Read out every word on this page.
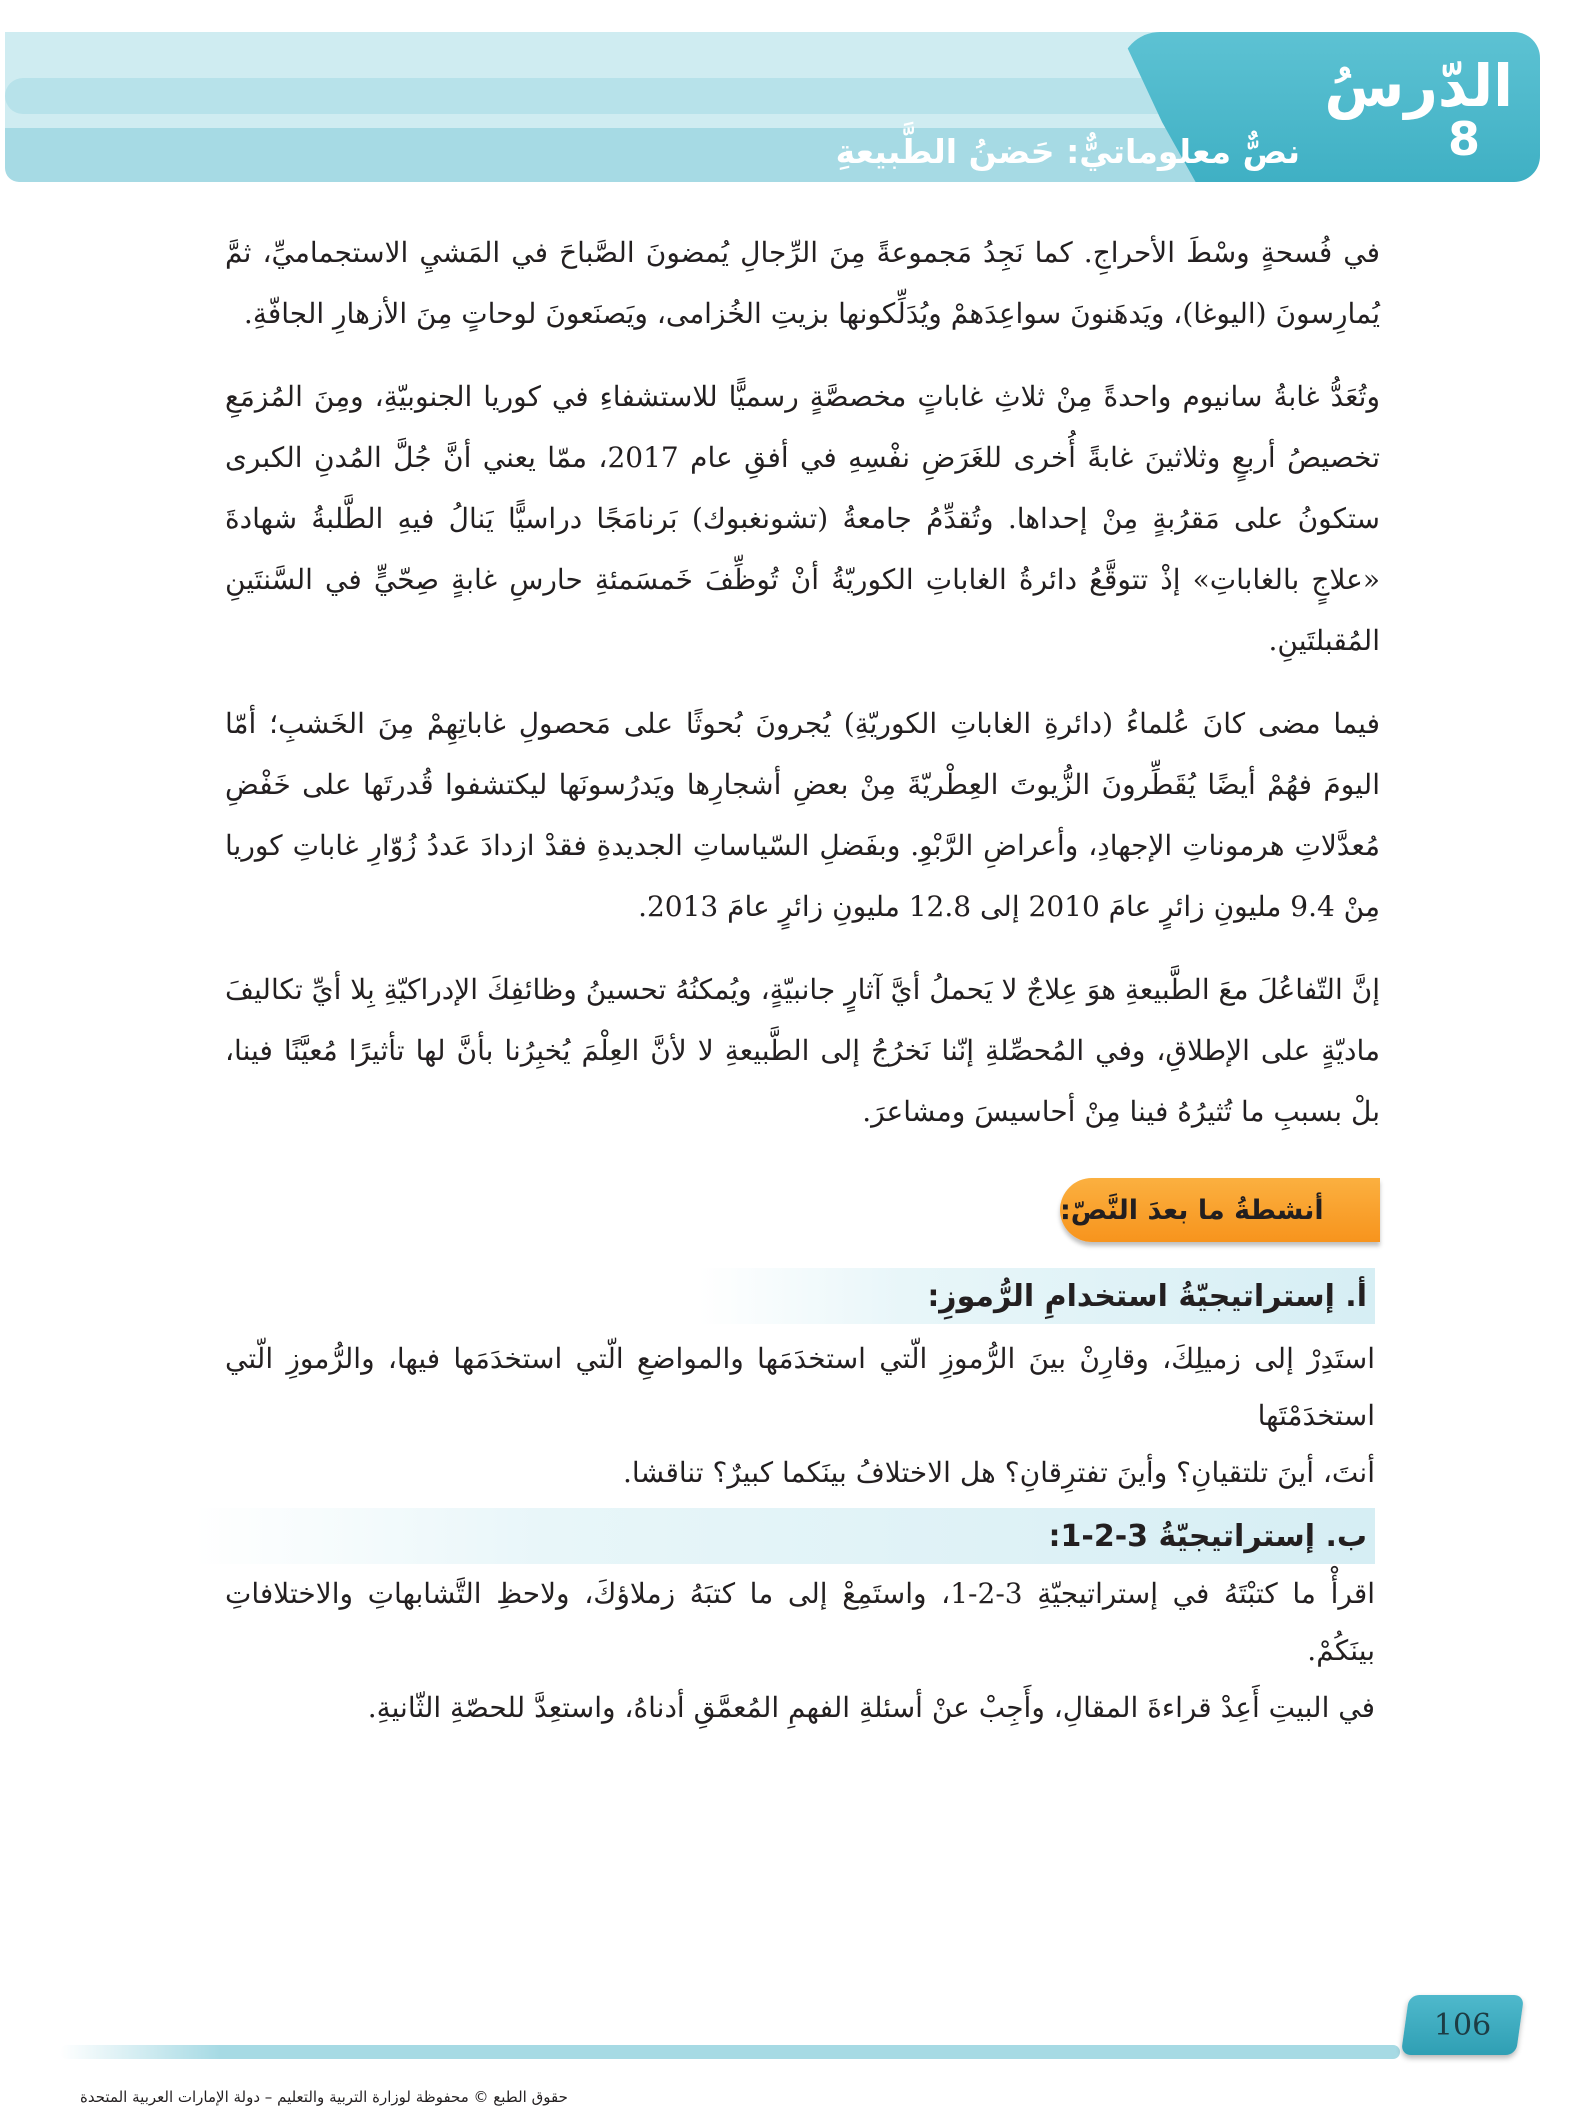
الدّرسُ

8

نصٌّ معلوماتيٌّ: حَضنُ الطَّبيعةِ

في فُسحةٍ وسْطَ الأحراجِ. كما نَجِدُ مَجموعةً مِنَ الرِّجالِ يُمضونَ الصَّباحَ في المَشيِ الاستجماميِّ، ثمَّ يُمارِسونَ (اليوغا)، ويَدهَنونَ سواعِدَهمْ ويُدَلِّكونها بزيتِ الخُزامى، ويَصنَعونَ لوحاتٍ مِنَ الأزهارِ الجافّةِ.

وتُعَدُّ غابةُ سانيوم واحدةً مِنْ ثلاثِ غاباتٍ مخصصَّةٍ رسميًّا للاستشفاءِ في كوريا الجنوبيّةِ، ومِنَ المُزمَعِ تخصيصُ أربعٍ وثلاثينَ غابةً أُخرى للغَرَضِ نفْسِهِ في أفقِ عام 2017، ممّا يعني أنَّ جُلَّ المُدنِ الكبرى ستكونُ على مَقرُبةٍ مِنْ إحداها. وتُقدِّمُ جامعةُ (تشونغبوك) بَرنامَجًا دراسيًّا يَنالُ فيهِ الطَّلبةُ شهادةَ «علاجٍ بالغاباتِ» إذْ تتوقَّعُ دائرةُ الغاباتِ الكوريّةُ أنْ تُوظِّفَ خَمسَمئةِ حارسِ غابةٍ صِحّيٍّ في السَّنتَينِ المُقبلتَينِ.

فيما مضى كانَ عُلماءُ (دائرةِ الغاباتِ الكوريّةِ) يُجرونَ بُحوثًا على مَحصولِ غاباتِهِمْ مِنَ الخَشبِ؛ أمّا اليومَ فهُمْ أيضًا يُقَطِّرونَ الزُّيوتَ العِطْريّةَ مِنْ بعضِ أشجارِها ويَدرُسونَها ليكتشفوا قُدرتَها على خَفْضِ مُعدَّلاتِ هرموناتِ الإجهادِ، وأعراضِ الرَّبْوِ. وبفَضلِ السّياساتِ الجديدةِ فقدْ ازدادَ عَددُ زُوّارِ غاباتِ كوريا مِنْ 9.4 مليونِ زائرٍ عامَ 2010 إلى 12.8 مليونِ زائرٍ عامَ 2013.

إنَّ التّفاعُلَ معَ الطَّبيعةِ هوَ عِلاجٌ لا يَحملُ أيَّ آثارٍ جانبيّةٍ، ويُمكنُهُ تحسينُ وظائفِكَ الإدراكيّةِ بِلا أيِّ تكاليفَ ماديّةٍ على الإطلاقِ، وفي المُحصِّلةِ إنّنا نَخرُجُ إلى الطَّبيعةِ لا لأنَّ العِلْمَ يُخبِرُنا بأنَّ لها تأثيرًا مُعيَّنًا فينا، بلْ بسببِ ما تُثيرُهُ فينا مِنْ أحاسيسَ ومشاعرَ.

أنشطةُ ما بعدَ النَّصّ:
أ. إستراتيجيّةُ استخدامِ الرُّموزِ:

استَدِرْ إلى زميلِكَ، وقارِنْ بينَ الرُّموزِ الّتي استخدَمَها والمواضعِ الّتي استخدَمَها فيها، والرُّموزِ الّتي استخدَمْتَها

أنتَ، أينَ تلتقيانِ؟ وأينَ تفترِقانِ؟ هل الاختلافُ بينَكما كبيرٌ؟ تناقشا.

ب. إستراتيجيّةُ 3-2-1:

اقرأْ ما كتبْتَهُ في إستراتيجيّةِ 3-2-1، واستَمِعْ إلى ما كتبَهُ زملاؤكَ، ولاحظِ التَّشابهاتِ والاختلافاتِ بينَكُمْ.

في البيتِ أَعِدْ قراءةَ المقالِ، وأَجِبْ عنْ أسئلةِ الفهمِ المُعمَّقِ أدناهُ، واستعِدَّ للحصّةِ الثّانيةِ.

106
حقوق الطبع © محفوظة لوزارة التربية والتعليم – دولة الإمارات العربية المتحدة
